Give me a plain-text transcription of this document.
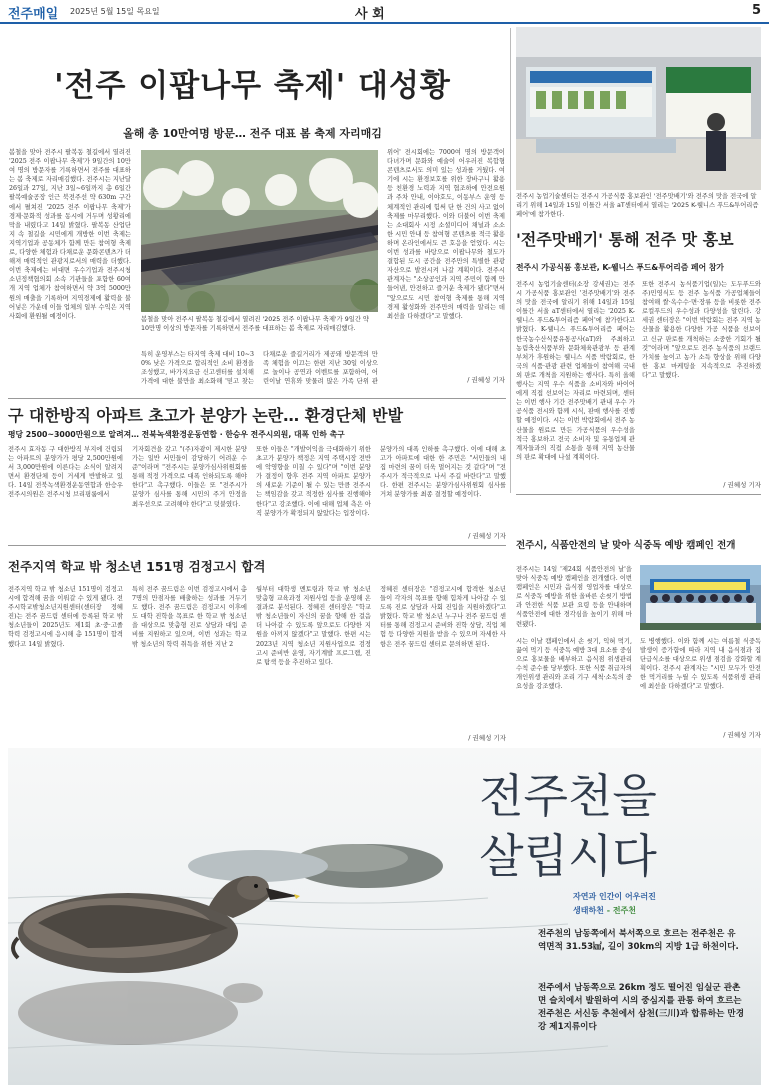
전주매일 2025년 5월 15일 목요일	사 회	5
'전주 이팝나무 축제' 대성황
올해 총 10만여명 방문… 전주 대표 봄 축제 자리매김
봄철을 맞아 전주시 팔복동 철길에서 열려진 '2025 전주 이팝나무 축제'가 9일간의 10만여 명의 방문자를 기록하면서 전주를 대표하는 봄 축제로 자리매김했다. 전주시는 지난달 26일과 27일, 지난 3일~6일까지 총 6일간 팔복예술공장 인근 북전주선 약 630m 구간에서 펼쳐진 '2025 전주 이팝나무 축제'가 경제·문화적 성과를 동시에 거두며 성황리에 막을 내렸다고 14일 밝혔다. 팔복동 산업단지 속 철길을 시민에게 개방한 이번 축제는 지역기업과 공동체가 함께 만든 참여형 축제로, 다양한 체험과 다채로운 문화콘텐츠가 더해져 매력적인 관광지로서의 매력을 더했다. 이번 축제에는 비대면 우수기업과 전주시청소년정책협의회 소속 기관들을 포함한 60여 개 지역 업체가 참여하면서 약 3억 5000만 원의 매출을 기록하며 지역경제에 활력을 불어넣은 가운데 이들 업체의 일부 수익은 지역사회에 환원될 예정이다.	봄철을 맞아 전주시 팔복동 철길에서 열려진 '2025 전주 이팝나무 축제'가 9일간 약 10만명 이상의 방문자를 기록하면서 전주를 대표하는 봄 축제로 자리매김했다.
특히 운영부스는 타지역 축제 대비 10~30% 낮은 가격으로 합리적인 소비 환경을 조성했고, 바가지요금 신고센터를 설치해 가격에 대한 불만을 최소화해 '믿고 찾는
다채로운 즐길거리가 제공돼 방문객의 만족 체험을 이끄는 한편 지난 30일 이상으로 놀이나 공연과 이벤트를 포함하여, 어린이날 연휴와 맞물려 많은 가족 단위 관
위어' 전시회에는 7000여 명의 방문객이 다녀가며 문화와 예술이 어우러진 복합형 콘텐츠로서도 의미 있는 성과를 거뒀다. 여기에 시는 환경보호를 위한 장바구니 활용 등 친환경 노력과 지역 협조하에 안전요원과 주차 안내, 이야호도, 이동부스 운영 등 체계적인 관리에 힘써 단 한 건의 사고 없이 축제를 마무리했다. 이와 더불어 이번 축제는 소대회사 시정 소셜미디어 채널과 소소한 시민 안내 등 참여형 콘텐츠를 적극 활용하며 온라인에서도 큰 호응을 얻었다. 시는 이번 성과를 바탕으로 이팝나무와 철도가 결합된 도시 공간을 전주만의 특별한 관광 자산으로 발전시켜 나갈 계획이다. 전주시 관계자는 "소상공인과 지역 주민이 함께 만들어낸, 안전하고 즐거운 축제가 됐다"면서 "앞으로도 시민 참여형 축제를 통해 지역 경제 활성화와 전주만의 매력을 알리는 데 최선을 다하겠다"고 말했다.
/ 권혜성 기자
전주시 농업기술센터는 전주시 가공식품 홍보관인 '전주맛배기'와 전주의 맛을 전국에 알리기 위해 14일과 15일 이틀간 서울 aT센터에서 열리는 '2025 K-웰니스 푸드&투어리즘 페어'에 참가한다.
'전주맛배기' 통해 전주 맛 홍보
전주시 가공식품 홍보관, K-웰니스 푸드&투어리즘 페어 참가
전주시 농업기술센터(소장 강세권)는 전주시 가공식품 홍보관인 '전주맛배기'와 전주의 맛을 전국에 알리기 위해 14일과 15일 이틀간 서울 aT센터에서 열리는 '2025 K-웰니스 푸드&투어리즘 페어'에 참가한다고 밝혔다. K-웰니스 푸드&투어리즘 페어는 한국농수산식품유통공사(aT)와 주최하고 농림축산식품부와 문화체육관광부 등 관계부처가 후원하는 웰니스 식품 박람회로, 한국의 식품·관광 관련 업체들이 참여해 국내외 판로 개척을 지원하는 행사다. 특히 올해 행사는 지역 우수 식품을 소비자와 바이어에게 직접 선보이는 자리로 마련되며, 센터는 이번 행사 기간 전주맛배기 관내 우수 가공식품 전시와 함께 시식, 판매 행사를 진행할 예정이다. 시는 이번 박람회에서 전주 농산물을 원료로 만든 가공식품의 우수성을 적극 홍보하고 전국 소비자 및 유통업체 관계자들과의 직접 소통을 통해 지역 농산물의 판로 확대에 나설 계획이다.
또한 전주시 농식품기업(일)는 도두푸드와 주)민영식도 등 전주 농식품 가공업체들이 참여해 쌀·옥수수·면·장류 등을 비롯한 전주 로컬푸드의 우수성과 다양성을 알린다. 강세권 센터장은 "이번 박람회는 전주 지역 농산물을 활용한 다양한 가공 식품을 선보이고 신규 판로를 개척하는 소중한 기회가 될 것"이라며 "앞으로도 전주 농식품의 브랜드 가치를 높이고 농가 소득 향상을 위해 다양한 홍보 마케팅을 지속적으로 추진하겠다"고 말했다.
/ 권혜성 기자
구 대한방직 아파트 초고가 분양가 논란… 환경단체 반발
평당 2500~3000만원으로 알려져… 전북녹색환경운동연합 · 한승우 전주시의원, 대폭 인하 촉구
전주시 효자동 구 대한방직 부지에 건립되는 아파트의 분양가가 평당 2,500만원에서 3,000만원에 이른다는 소식이 알려지면서 환경단체 등이 거세게 반발하고 있다. 14일 전북녹색환경운동연합과 한승우 전주시의원은 전주시청 브리핑룸에서
기자회견을 갖고 "(주)자광이 제시한 분양가는 일반 서민들이 감당하기 어려운 수준"이라며 "전주시는 분양가심사위원회를 통해 적정 가격으로 대폭 인하되도록 해야 한다"고 촉구했다. 이들은 또 "전주시가 분양가 심사를 통해 시민의 주거 안정을 최우선으로 고려해야 한다"고 덧붙였다.
또한 이들은 "개발이익을 극대화하기 위한 초고가 분양가 책정은 지역 주택시장 전반에 악영향을 미칠 수 있다"며 "이번 분양가 결정이 향후 전주 지역 아파트 분양가의 새로운 기준이 될 수 있는 만큼 전주시는 책임감을 갖고 적정한 심사를 진행해야 한다"고 강조했다. 이에 대해 업체 측은 아직 분양가가 확정되지 않았다는 입장이다.
분양가의 대폭 인하를 촉구했다. 이에 대해 초고가 아파트에 대한 한 주민은 "서민들의 내 집 마련의 꿈이 더욱 멀어지는 것 같다"며 "전주시가 적극적으로 나서 주길 바란다"고 말했다. 한편 전주시는 분양가심사위원회 심사를 거쳐 분양가를 최종 결정할 예정이다.
/ 권혜성 기자
전주시, 식품안전의 날 맞아 식중독 예방 캠페인 전개
전주시는 14일 '제24회 식품안전의 날'을 맞아 식중독 예방 캠페인을 전개했다. 이번 캠페인은 시민과 음식점 영업자를 대상으로 식중독 예방을 위한 올바른 손씻기 방법과 안전한 식품 보관 요령 등을 안내하며 식품안전에 대한 경각심을 높이기 위해 마련됐다.
시는 이날 캠페인에서 손 씻기, 익혀 먹기, 끓여 먹기 등 식중독 예방 3대 요소를 중심으로 홍보물을 배부하고 음식점 위생관리 수칙 준수를 당부했다. 또한 식품 취급자의 개인위생 관리와 조리 기구 세척·소독의 중요성을 강조했다.
도 병행했다. 이와 함께 시는 여름철 식중독 발생이 증가함에 따라 지역 내 음식점과 집단급식소를 대상으로 위생 점검을 강화할 계획이다. 전주시 관계자는 "시민 모두가 안전한 먹거리를 누릴 수 있도록 식품위생 관리에 최선을 다하겠다"고 말했다.
/ 권혜성 기자
전주지역 학교 밖 청소년 151명 검정고시 합격
전주지역 학교 밖 청소년 151명이 검정고시에 합격해 꿈을 이뤄갈 수 있게 됐다. 전주시학교밖청소년지원센터(센터장 정혜진)는 전주 꿈드림 센터에 등록된 학교 밖 청소년들이 2025년도 제1회 초·중·고졸 학력 검정고시에 응시해 총 151명이 합격했다고 14일 밝혔다.
특히 전주 꿈드림은 이번 검정고시에서 총 7명의 만점자를 배출하는 성과를 거두기도 했다. 전주 꿈드림은 검정고시 이후에도 대학 진학을 목표로 한 학교 밖 청소년을 대상으로 맞춤형 진로 상담과 대입 준비를 지원하고 있으며, 이번 성과는 학교 밖 청소년의 학력 취득을 위한 지난 2
월부터 대학생 멘토링과 학교 밖 청소년 맞춤형 교육과정 지원사업 등을 운영해 온 결과로 분석된다. 정혜진 센터장은 "학교 밖 청소년들이 자신의 꿈을 향해 한 걸음 더 나아갈 수 있도록 앞으로도 다양한 지원을 아끼지 않겠다"고 말했다. 한편 시는 2023년 지역 청소년 지원사업으로 검정고시 준비반 운영, 자기계발 프로그램, 진로 탐색 등을 추진하고 있다.
정혜진 센터장은 "검정고시에 합격한 청소년들이 각자의 목표를 향해 힘차게 나아갈 수 있도록 진로 상담과 사회 진입을 지원하겠다"고 밝혔다. 학교 밖 청소년 누구나 전주 꿈드림 센터를 통해 검정고시 준비와 진학 상담, 직업 체험 등 다양한 지원을 받을 수 있으며 자세한 사항은 전주 꿈드림 센터로 문의하면 된다.
/ 권혜성 기자
전주천을
살립시다
자연과 인간이 어우러진
생태하천 - 전주천
전주천의 남동쪽에서 북서쪽으로 흐르는 전주천은 유역면적 31.53㎢, 길이 30km의 지방 1급 하천이다.
전주에서 남동쪽으로 26km 정도 떨어진 임실군 관촌면 슬치에서 발원하여 시의 중심지를 관통 하여 흐르는 전주천은 서신동 추천에서 삼천(三川)과 합류하는 만경강 제1지류이다
